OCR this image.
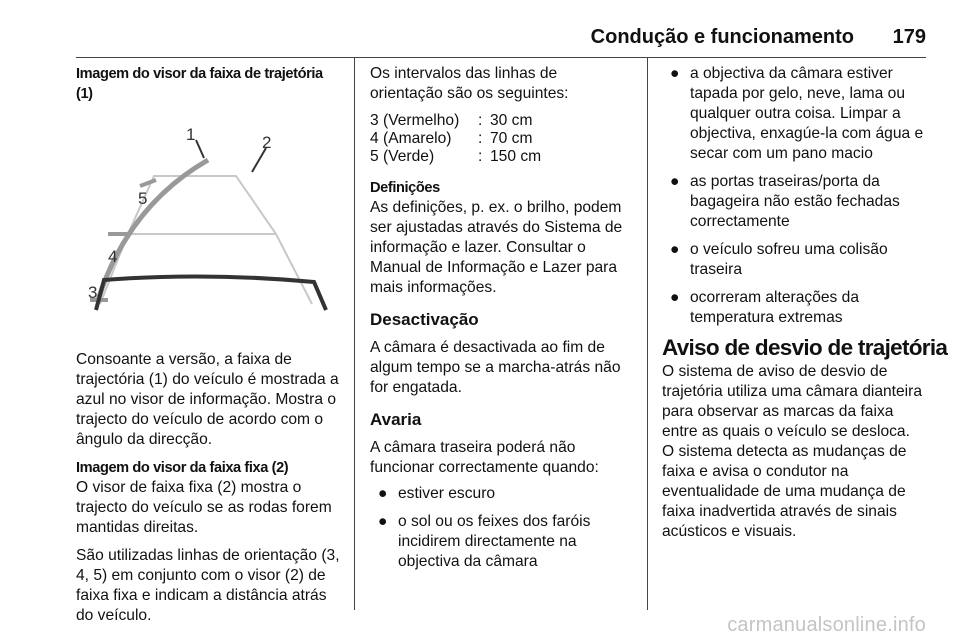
Condução e funcionamento 179

Imagem do visor da faixa de trajetória (1)

1	2
3
4
5

Consoante a versão, a faixa de trajectória (1) do veículo é mostrada a azul no visor de informação. Mostra o trajecto do veículo de acordo com o ângulo da direcção.

Imagem do visor da faixa fixa (2)

O visor de faixa fixa (2) mostra o trajecto do veículo se as rodas forem mantidas direitas.

São utilizadas linhas de orientação (3, 4, 5) em conjunto com o visor (2) de faixa fixa e indicam a distância atrás do veículo.

Os intervalos das linhas de orientação são os seguintes:

3 (Vermelho)	:	30 cm
4 (Amarelo)	:	70 cm
5 (Verde)	:	150 cm

Definições

As definições, p. ex. o brilho, podem ser ajustadas através do Sistema de informação e lazer. Consultar o Manual de Informação e Lazer para mais informações.

Desactivação

A câmara é desactivada ao fim de algum tempo se a marcha-atrás não for engatada.

Avaria

A câmara traseira poderá não funcionar correctamente quando:

● estiver escuro
● o sol ou os feixes dos faróis incidirem directamente na objectiva da câmara
● a objectiva da câmara estiver tapada por gelo, neve, lama ou qualquer outra coisa. Limpar a objectiva, enxagúe-la com água e secar com um pano macio
● as portas traseiras/porta da bagageira não estão fechadas correctamente
● o veículo sofreu uma colisão traseira
● ocorreram alterações da temperatura extremas

Aviso de desvio de trajetória

O sistema de aviso de desvio de trajetória utiliza uma câmara dianteira para observar as marcas da faixa entre as quais o veículo se desloca. O sistema detecta as mudanças de faixa e avisa o condutor na eventualidade de uma mudança de faixa inadvertida através de sinais acústicos e visuais.

carmanualsonline.info
